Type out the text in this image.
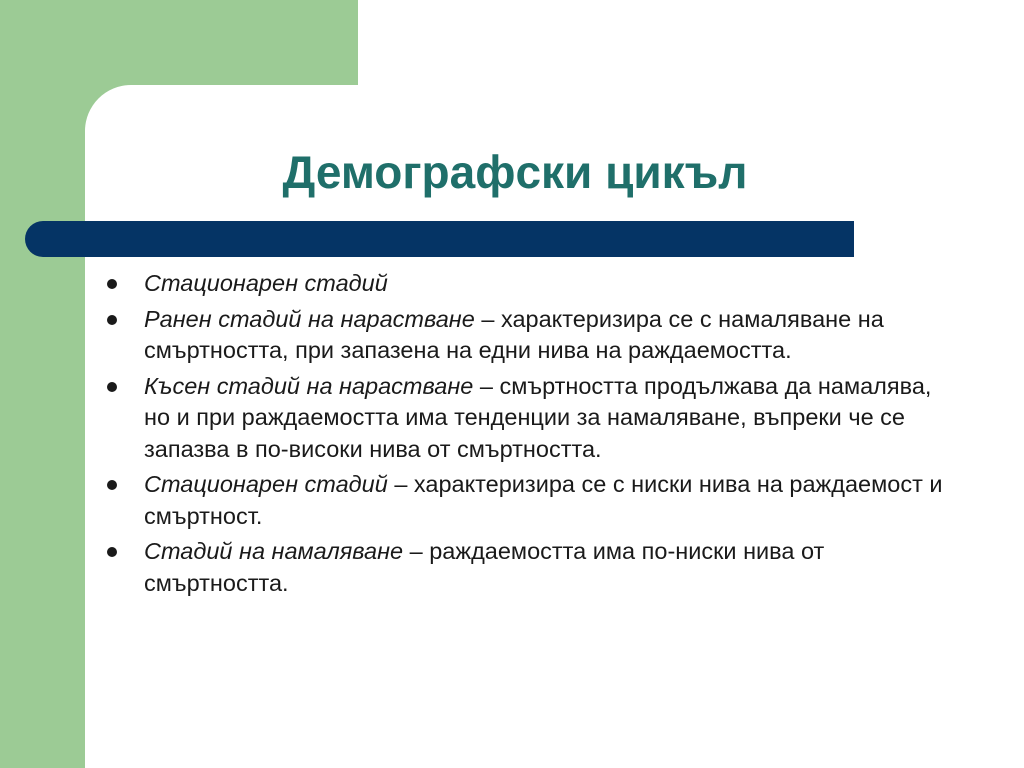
Демографски цикъл
Стационарен стадий
Ранен стадий на нарастване – характеризира се с намаляване на смъртността, при запазена на едни нива на раждаемостта.
Късен стадий на нарастване – смъртността продължава да намалява, но и при раждаемостта има тенденции за намаляване, въпреки че се запазва в по-високи нива от смъртността.
Стационарен стадий – характеризира се с ниски нива на раждаемост и смъртност.
Стадий на намаляване – раждаемостта има по-ниски нива от смъртността.
